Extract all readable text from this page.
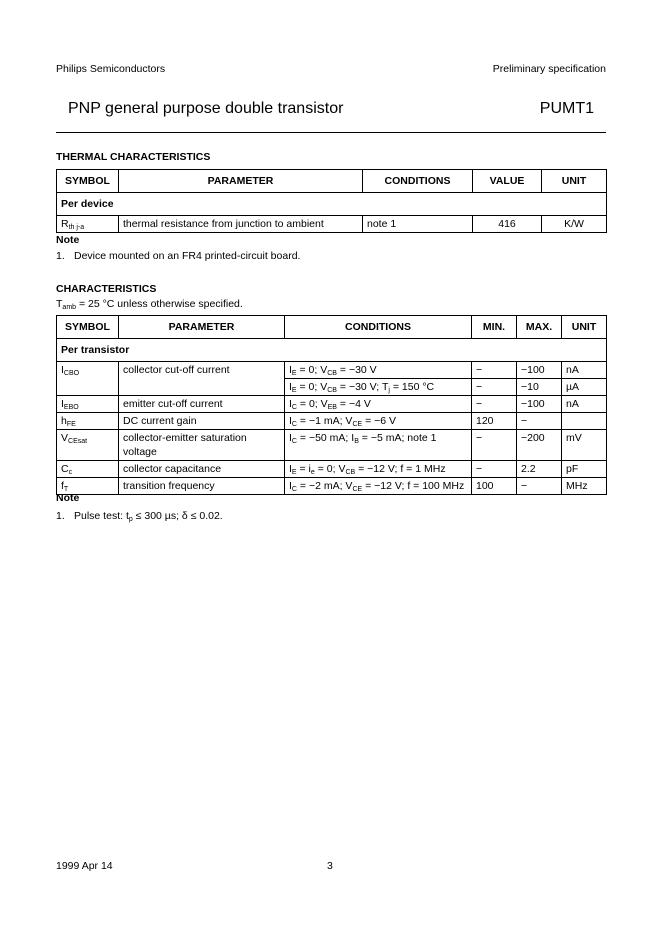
Philips Semiconductors	Preliminary specification
PNP general purpose double transistor	PUMT1
THERMAL CHARACTERISTICS
SYMBOL	PARAMETER	CONDITIONS	VALUE	UNIT
Per device				
$R_{th j-a}$	thermal resistance from junction to ambient	note 1	416	K/W
Note
1. Device mounted on an FR4 printed-circuit board.
CHARACTERISTICS
$T_{amb} = 25$ °C unless otherwise specified.
SYMBOL	PARAMETER	CONDITIONS	MIN.	MAX.	UNIT
Per transistor					
$I_{CBO}$	collector cut-off current	$I_E = 0$; $V_{CB} = -30$ V	−	−100	nA
		$I_E = 0$; $V_{CB} = -30$ V; $T_j = 150$ °C	−	−10	µA
$I_{EBO}$	emitter cut-off current	$I_C = 0$; $V_{EB} = -4$ V	−	−100	nA
$h_{FE}$	DC current gain	$I_C = -1$ mA; $V_{CE} = -6$ V	120	−	
$V_{CEsat}$	collector-emitter saturation voltage	$I_C = -50$ mA; $I_B = -5$ mA; note 1	−	−200	mV
$C_c$	collector capacitance	$I_E = i_e = 0$; $V_{CB} = -12$ V; f = 1 MHz	−	2.2	pF
$f_T$	transition frequency	$I_C = -2$ mA; $V_{CE} = -12$ V; f = 100 MHz	100	−	MHz
Note
1. Pulse test: $t_p \le 300$ µs; δ ≤ 0.02.
1999 Apr 14	3
